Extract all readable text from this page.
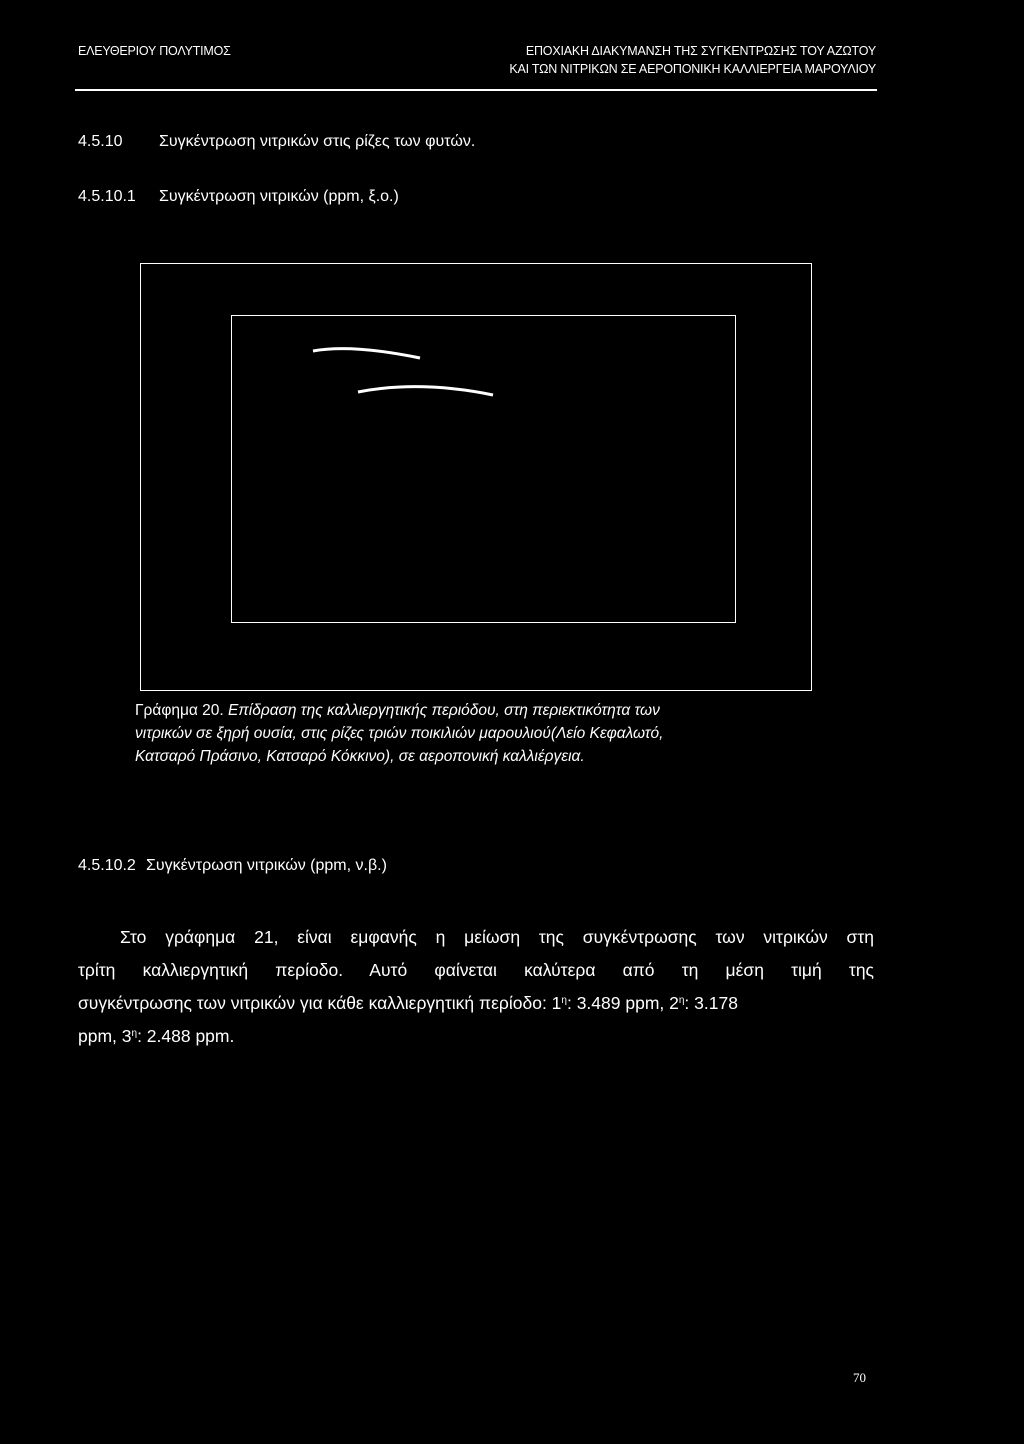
ΕΛΕΥΘΕΡΙΟΥ ΠΟΛΥΤΙΜΟΣ	ΕΠΟΧΙΑΚΗ ΔΙΑΚΥΜΑΝΣΗ ΤΗΣ ΣΥΓΚΕΝΤΡΩΣΗΣ ΤΟΥ ΑΖΩΤΟΥ
ΚΑΙ ΤΩΝ ΝΙΤΡΙΚΩΝ ΣΕ ΑΕΡΟΠΟΝΙΚΗ ΚΑΛΛΙΕΡΓΕΙΑ ΜΑΡΟΥΛΙΟΥ
4.5.10 Συγκέντρωση νιτρικών στις ρίζες των φυτών.
4.5.10.1 Συγκέντρωση νιτρικών (ppm, ξ.ο.)
Γράφημα 20. Επίδραση της καλλιεργητικής περιόδου, στη περιεκτικότητα των
νιτρικών σε ξηρή ουσία, στις ρίζες τριών ποικιλιών μαρουλιού(Λείο Κεφαλωτό,
Κατσαρό Πράσινο, Κατσαρό Κόκκινο), σε αεροπονική καλλιέργεια.
4.5.10.2 Συγκέντρωση νιτρικών (ppm, ν.β.)
Στο γράφημα 21, είναι εμφανής η μείωση της συγκέντρωσης των νιτρικών στη
τρίτη καλλιεργητική περίοδο. Αυτό φαίνεται καλύτερα από τη μέση τιμή της
συγκέντρωσης των νιτρικών για κάθε καλλιεργητική περίοδο: $1^\eta$: 3.489 ppm, $2^\eta$: 3.178
ppm, $3^\eta$: 2.488 ppm.
70
